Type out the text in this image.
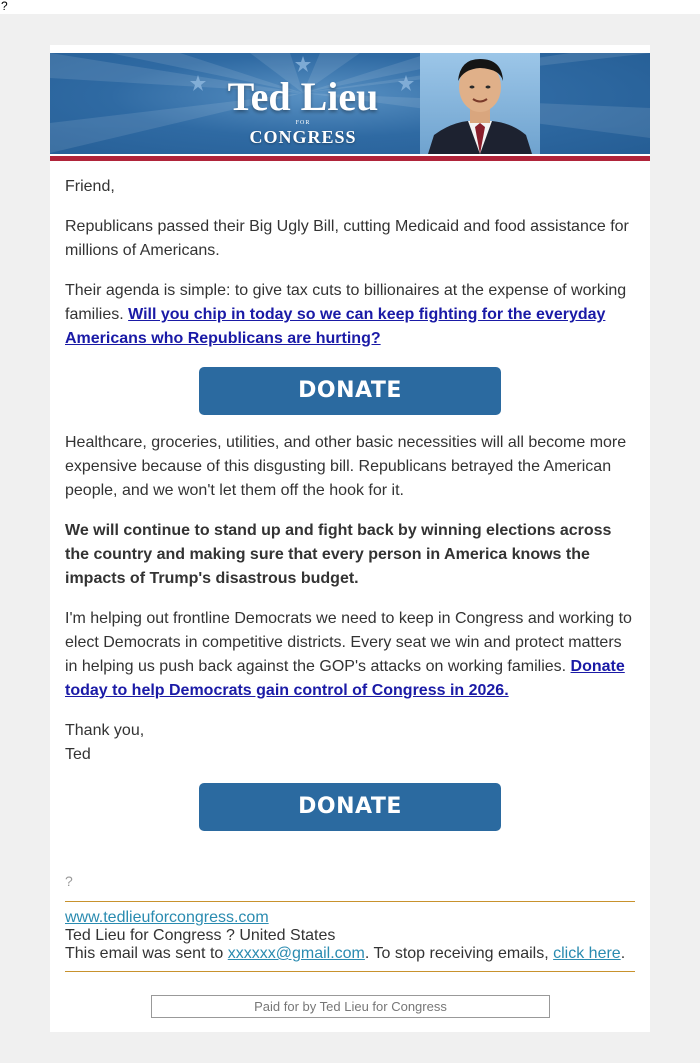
?
Ted Lieu
FOR
CONGRESS

Friend,

Republicans passed their Big Ugly Bill, cutting Medicaid and food assistance for millions of Americans.

Their agenda is simple: to give tax cuts to billionaires at the expense of working families. Will you chip in today so we can keep fighting for the everyday Americans who Republicans are hurting?

DONATE

Healthcare, groceries, utilities, and other basic necessities will all become more expensive because of this disgusting bill. Republicans betrayed the American people, and we won't let them off the hook for it.

We will continue to stand up and fight back by winning elections across the country and making sure that every person in America knows the impacts of Trump's disastrous budget.

I'm helping out frontline Democrats we need to keep in Congress and working to elect Democrats in competitive districts. Every seat we win and protect matters in helping us push back against the GOP's attacks on working families. Donate today to help Democrats gain control of Congress in 2026.

Thank you,
Ted

DONATE
?
www.tedlieuforcongress.com
Ted Lieu for Congress ? United States
This email was sent to xxxxxx@gmail.com. To stop receiving emails, click here.
Paid for by Ted Lieu for Congress
